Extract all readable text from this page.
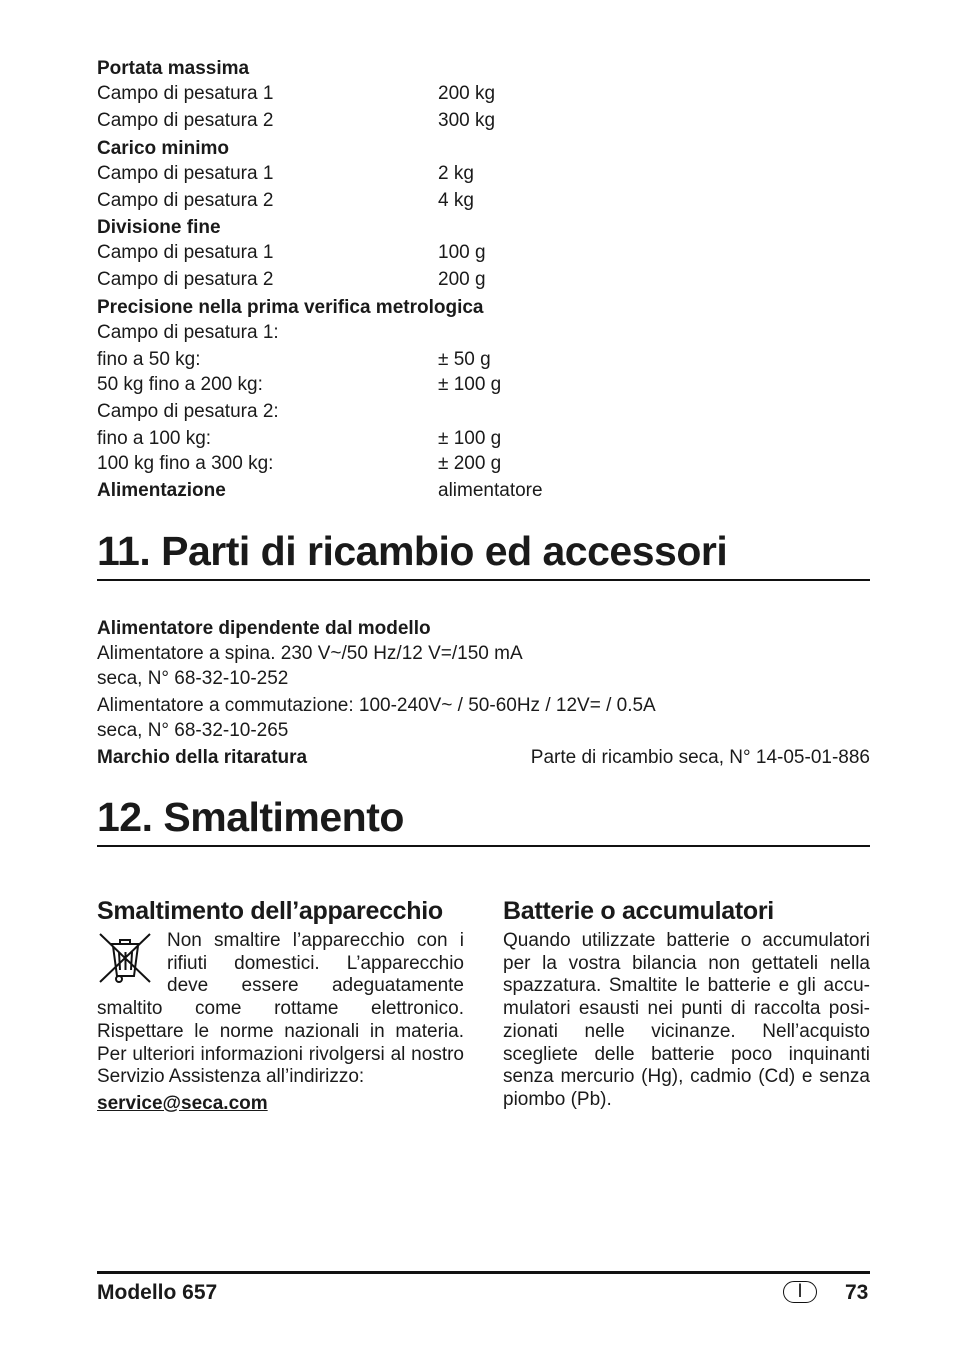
Portata massima
Campo di pesatura 1	200 kg
Campo di pesatura 2	300 kg
Carico minimo
Campo di pesatura 1	2 kg
Campo di pesatura 2	4 kg
Divisione fine
Campo di pesatura 1	100 g
Campo di pesatura 2	200 g
Precisione nella prima verifica metrologica
Campo di pesatura 1:
fino a 50 kg:	± 50 g
50 kg fino a 200 kg:	± 100 g
Campo di pesatura 2:
fino a 100 kg:	± 100 g
100 kg fino a 300 kg:	± 200 g
Alimentazione	alimentatore
11. Parti di ricambio ed accessori
Alimentatore dipendente dal modello
Alimentatore a spina. 230 V~/50 Hz/12 V=/150 mA
seca, N° 68-32-10-252
Alimentatore a commutazione: 100-240V~ / 50-60Hz / 12V= / 0.5A
seca, N° 68-32-10-265
Marchio della ritaratura	Parte di ricambio seca, N° 14-05-01-886
12. Smaltimento
Smaltimento dell’apparecchio
Non smaltire l’apparecchio con i rifiuti domestici. L’apparecchio deve essere adeguatamente smaltito come rottame elettronico. Rispettare le norme nazionali in materia. Per ulteriori informazioni rivolgersi al nostro Servizio Assistenza all’indirizzo:
service@seca.com
Batterie o accumulatori
Quando utilizzate batterie o accumulatori per la vostra bilancia non gettateli nella spazzatura. Smaltite le batterie e gli accu-mulatori esausti nei punti di raccolta posi-zionati nelle vicinanze. Nell’acquisto scegliete delle batterie poco inquinanti senza mercurio (Hg), cadmio (Cd) e senza piombo (Pb).
Modello 657	I	73
